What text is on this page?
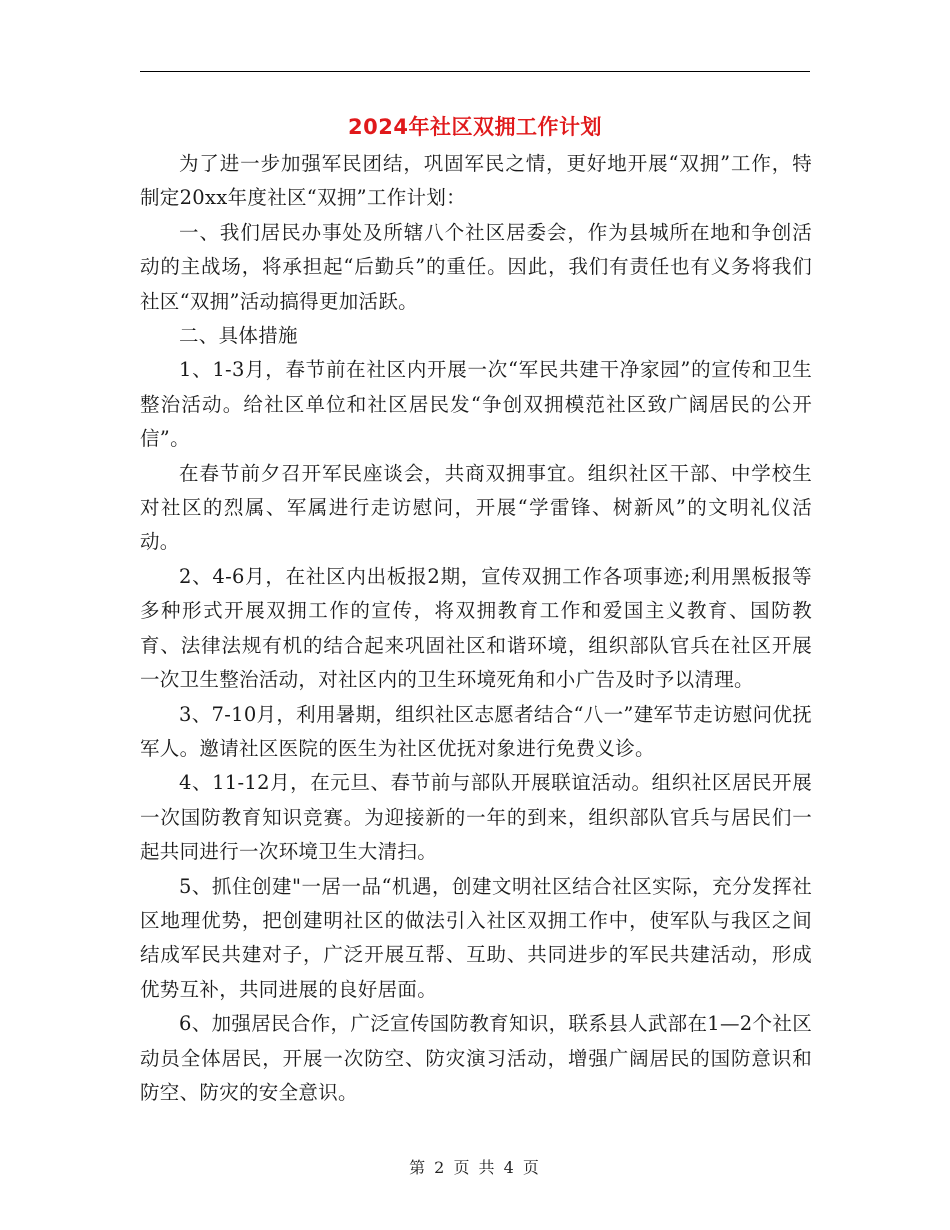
2024年社区双拥工作计划

为了进一步加强军民团结，巩固军民之情，更好地开展“双拥”工作，特制定20xx年度社区“双拥”工作计划：

一、我们居民办事处及所辖八个社区居委会，作为县城所在地和争创活动的主战场，将承担起“后勤兵”的重任。因此，我们有责任也有义务将我们社区“双拥”活动搞得更加活跃。

二、具体措施

1、1-3月，春节前在社区内开展一次“军民共建干净家园”的宣传和卫生整治活动。给社区单位和社区居民发“争创双拥模范社区致广阔居民的公开信”。

在春节前夕召开军民座谈会，共商双拥事宜。组织社区干部、中学校生对社区的烈属、军属进行走访慰问，开展“学雷锋、树新风”的文明礼仪活动。

2、4-6月，在社区内出板报2期，宣传双拥工作各项事迹;利用黑板报等多种形式开展双拥工作的宣传，将双拥教育工作和爱国主义教育、国防教育、法律法规有机的结合起来巩固社区和谐环境，组织部队官兵在社区开展一次卫生整治活动，对社区内的卫生环境死角和小广告及时予以清理。

3、7-10月，利用暑期，组织社区志愿者结合“八一”建军节走访慰问优抚军人。邀请社区医院的医生为社区优抚对象进行免费义诊。

4、11-12月，在元旦、春节前与部队开展联谊活动。组织社区居民开展一次国防教育知识竞赛。为迎接新的一年的到来，组织部队官兵与居民们一起共同进行一次环境卫生大清扫。

5、抓住创建"一居一品“机遇，创建文明社区结合社区实际，充分发挥社区地理优势，把创建明社区的做法引入社区双拥工作中，使军队与我区之间结成军民共建对子，广泛开展互帮、互助、共同进步的军民共建活动，形成优势互补，共同进展的良好居面。

6、加强居民合作，广泛宣传国防教育知识，联系县人武部在1—2个社区动员全体居民，开展一次防空、防灾演习活动，增强广阔居民的国防意识和防空、防灾的安全意识。

第 2 页 共 4 页
